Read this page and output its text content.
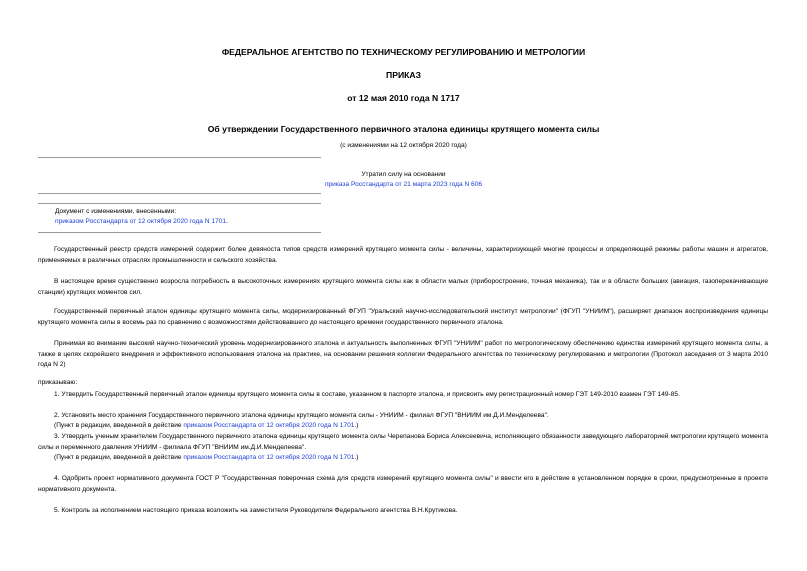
ФЕДЕРАЛЬНОЕ АГЕНТСТВО ПО ТЕХНИЧЕСКОМУ РЕГУЛИРОВАНИЮ И МЕТРОЛОГИИ
ПРИКАЗ
от 12 мая 2010 года N 1717
Об утверждении Государственного первичного эталона единицы крутящего момента силы
(с изменениями на 12 октября 2020 года)
Утратил силу на основании
приказа Росстандарта от 21 марта 2023 года N 606
Документ с изменениями, внесенными:
приказом Росстандарта от 12 октября 2020 года N 1701.
Государственный реестр средств измерений содержит более девяноста типов средств измерений крутящего момента силы - величины, характеризующей многие процессы и определяющей режимы работы машин и агрегатов, применяемых в различных отраслях промышленности и сельского хозяйства.
В настоящее время существенно возросла потребность в высокоточных измерениях крутящего момента силы как в области малых (приборостроение, точная механика), так и в области больших (авиация, газоперекачивающие станции) крутящих моментов сил.
Государственный первичный эталон единицы крутящего момента силы, модернизированный ФГУП "Уральский научно-исследовательский институт метрологии" (ФГУП "УНИИМ"), расширяет диапазон воспроизведения единицы крутящего момента силы в восемь раз по сравнению с возможностями действовавшего до настоящего времени государственного первичного эталона.
Принимая во внимание высокий научно-технический уровень модернизированного эталона и актуальность выполненных ФГУП "УНИИМ" работ по метрологическому обеспечению единства измерений крутящего момента силы, а также в целях скорейшего внедрения и эффективного использования эталона на практике, на основании решения коллегии Федерального агентства по техническому регулированию и метрологии (Протокол заседания от 3 марта 2010 года N 2)
приказываю:
1. Утвердить Государственный первичный эталон единицы крутящего момента силы в составе, указанном в паспорте эталона, и присвоить ему регистрационный номер ГЭТ 149-2010 взамен ГЭТ 149-85.
2. Установить место хранения Государственного первичного эталона единицы крутящего момента силы - УНИИМ - филиал ФГУП "ВНИИМ им.Д.И.Менделеева".
(Пункт в редакции, введенной в действие приказом Росстандарта от 12 октября 2020 года N 1701.)
3. Утвердить ученым хранителем Государственного первичного эталона единицы крутящего момента силы Черепанова Бориса Алексеевича, исполняющего обязанности заведующего лабораторией метрологии крутящего момента силы и переменного давления УНИИМ - филиала ФГУП "ВНИИМ им.Д.И.Менделеева".
(Пункт в редакции, введенной в действие приказом Росстандарта от 12 октября 2020 года N 1701.)
4. Одобрить проект нормативного документа ГОСТ Р "Государственная поверочная схема для средств измерений крутящего момента силы" и ввести его в действие в установленном порядке в сроки, предусмотренные в проекте нормативного документа.
5. Контроль за исполнением настоящего приказа возложить на заместителя Руководителя Федерального агентства В.Н.Крутикова.
